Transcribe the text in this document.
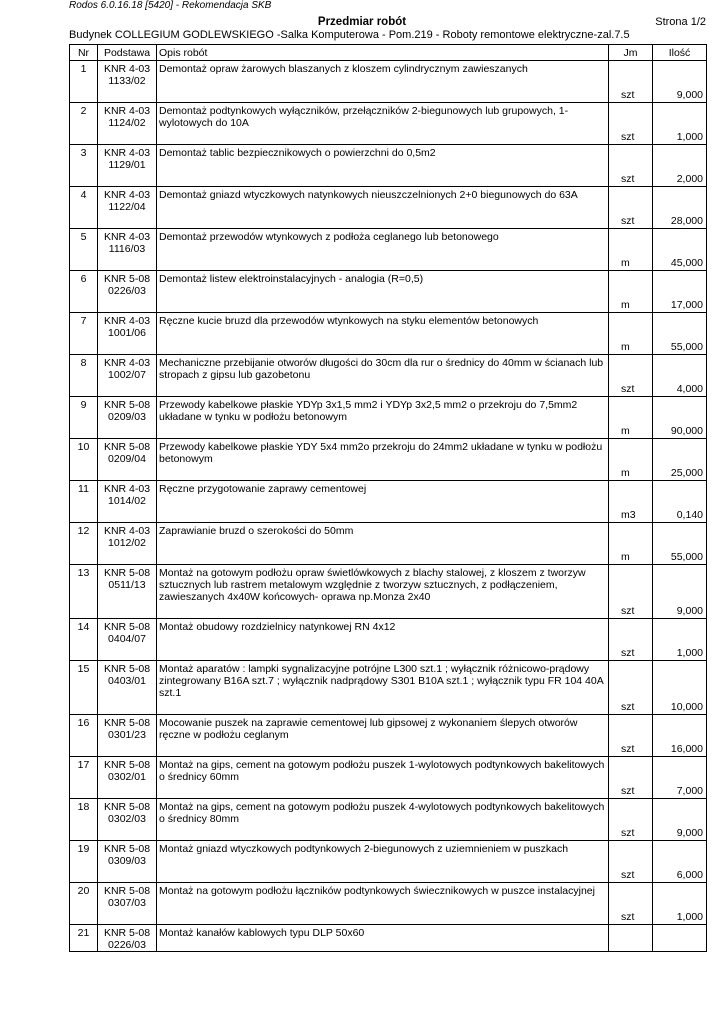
Rodos 6.0.16.18 [5420] - Rekomendacja SKB
Przedmiar robót	Strona 1/2
Budynek COLLEGIUM GODLEWSKIEGO -Salka Komputerowa - Pom.219 - Roboty remontowe elektryczne-zal.7.5
Nr	Podstawa	Opis robót	Jm	Ilość
1	KNR 4-03 1133/02	Demontaż opraw żarowych blaszanych z kloszem cylindrycznym zawieszanych	szt	9,000
2	KNR 4-03 1124/02	Demontaż podtynkowych wyłączników, przełączników 2-biegunowych lub grupowych, 1-wylotowych do 10A	szt	1,000
3	KNR 4-03 1129/01	Demontaż tablic bezpiecznikowych o powierzchni do 0,5m2	szt	2,000
4	KNR 4-03 1122/04	Demontaż gniazd wtyczkowych natynkowych nieuszczelnionych 2+0 biegunowych do 63A	szt	28,000
5	KNR 4-03 1116/03	Demontaż przewodów wtynkowych z podłoża ceglanego lub betonowego	m	45,000
6	KNR 5-08 0226/03	Demontaż listew elektroinstalacyjnych - analogia (R=0,5)	m	17,000
7	KNR 4-03 1001/06	Ręczne kucie bruzd dla przewodów wtynkowych na styku elementów betonowych	m	55,000
8	KNR 4-03 1002/07	Mechaniczne przebijanie otworów długości do 30cm dla rur o średnicy do 40mm w ścianach lub stropach z gipsu lub gazobetonu	szt	4,000
9	KNR 5-08 0209/03	Przewody kabelkowe płaskie YDYp 3x1,5 mm2 i YDYp 3x2,5 mm2 o przekroju do 7,5mm2 układane w tynku w podłożu betonowym	m	90,000
10	KNR 5-08 0209/04	Przewody kabelkowe płaskie YDY 5x4 mm2o przekroju do 24mm2 układane w tynku w podłożu betonowym	m	25,000
11	KNR 4-03 1014/02	Ręczne przygotowanie zaprawy cementowej	m3	0,140
12	KNR 4-03 1012/02	Zaprawianie bruzd o szerokości do 50mm	m	55,000
13	KNR 5-08 0511/13	Montaż na gotowym podłożu opraw świetlówkowych z blachy stalowej, z kloszem z tworzyw sztucznych lub rastrem metalowym względnie z tworzyw sztucznych, z podłączeniem, zawieszanych 4x40W końcowych- oprawa np.Monza 2x40	szt	9,000
14	KNR 5-08 0404/07	Montaż obudowy rozdzielnicy natynkowej RN 4x12	szt	1,000
15	KNR 5-08 0403/01	Montaż aparatów : lampki sygnalizacyjne potrójne L300 szt.1 ; wyłącznik różnicowo-prądowy zintegrowany B16A szt.7 ; wyłącznik nadprądowy S301 B10A szt.1 ; wyłącznik typu FR 104 40A szt.1	szt	10,000
16	KNR 5-08 0301/23	Mocowanie puszek na zaprawie cementowej lub gipsowej z wykonaniem ślepych otworów ręczne w podłożu ceglanym	szt	16,000
17	KNR 5-08 0302/01	Montaż na gips, cement na gotowym podłożu puszek 1-wylotowych podtynkowych bakelitowych o średnicy 60mm	szt	7,000
18	KNR 5-08 0302/03	Montaż na gips, cement na gotowym podłożu puszek 4-wylotowych podtynkowych bakelitowych o średnicy 80mm	szt	9,000
19	KNR 5-08 0309/03	Montaż gniazd wtyczkowych podtynkowych 2-biegunowych z uziemnieniem w puszkach	szt	6,000
20	KNR 5-08 0307/03	Montaż na gotowym podłożu łączników podtynkowych świecznikowych w puszce instalacyjnej	szt	1,000
21	KNR 5-08 0226/03	Montaż kanałów kablowych typu DLP 50x60		
